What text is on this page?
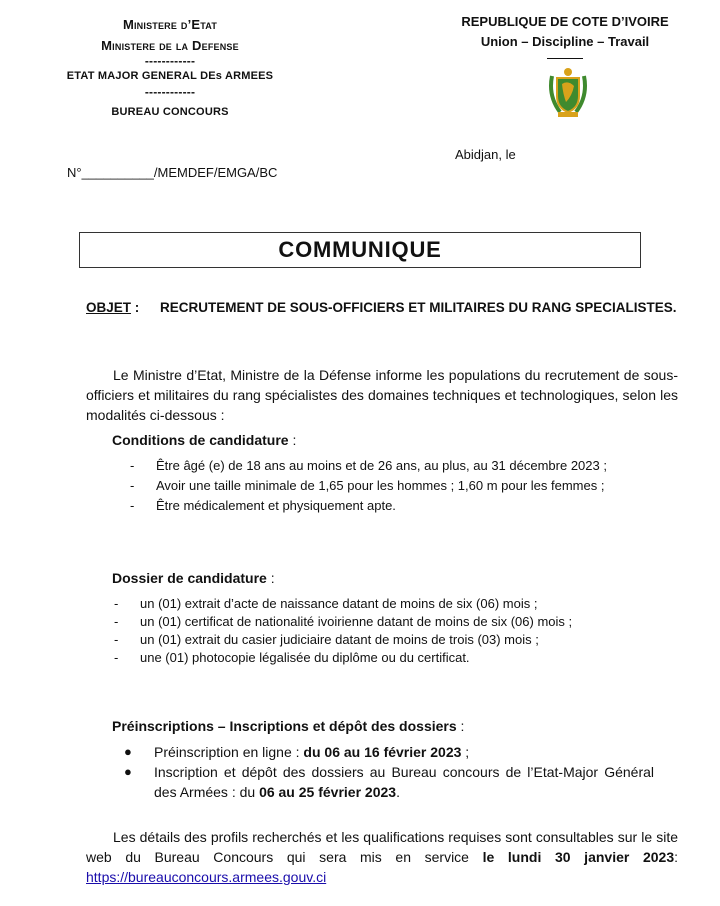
Ministere d’Etat
Ministere de la Defense
------------
ETAT MAJOR GENERAL DEs ARMEES
------------
BUREAU CONCOURS
REPUBLIQUE DE COTE D’IVOIRE
Union – Discipline – Travail
Abidjan, le
N°__________/MEMDEF/EMGA/BC
COMMUNIQUE
OBJET : RECRUTEMENT DE SOUS-OFFICIERS ET MILITAIRES DU RANG SPECIALISTES.
Le Ministre d’Etat, Ministre de la Défense informe les populations du recrutement de sous-officiers et militaires du rang spécialistes des domaines techniques et technologiques, selon les modalités ci-dessous :
Conditions de candidature :
- Être âgé (e) de 18 ans au moins et de 26 ans, au plus, au 31 décembre 2023 ;
- Avoir une taille minimale de 1,65 pour les hommes ; 1,60 m pour les femmes ;
- Être médicalement et physiquement apte.
Dossier de candidature :
- un (01) extrait d’acte de naissance datant de moins de six (06) mois ;
- un (01) certificat de nationalité ivoirienne datant de moins de six (06) mois ;
- un (01) extrait du casier judiciaire datant de moins de trois (03) mois ;
- une (01) photocopie légalisée du diplôme ou du certificat.
Préinscriptions – Inscriptions et dépôt des dossiers :
● Préinscription en ligne : du 06 au 16 février 2023 ;
● Inscription et dépôt des dossiers au Bureau concours de l’Etat-Major Général des Armées : du 06 au 25 février 2023.
Les détails des profils recherchés et les qualifications requises sont consultables sur le site web du Bureau Concours qui sera mis en service le lundi 30 janvier 2023: https://bureauconcours.armees.gouv.ci
